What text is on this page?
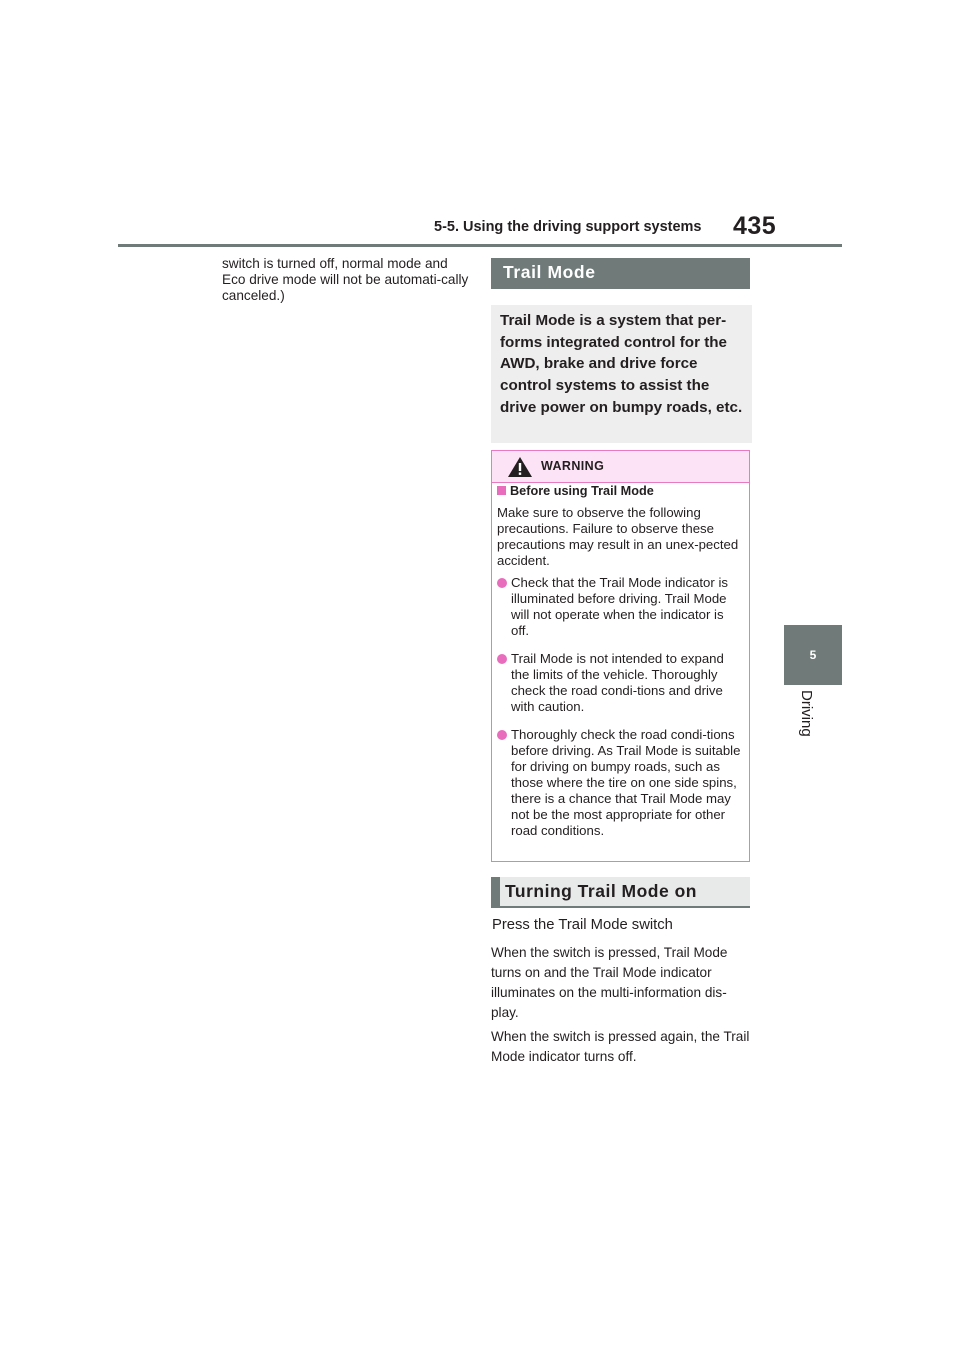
5-5. Using the driving support systems 435
5
Driving
switch is turned off, normal mode and Eco drive mode will not be automati-cally canceled.)
Trail Mode

Trail Mode is a system that per-forms integrated control for the AWD, brake and drive force control systems to assist the drive power on bumpy roads, etc.

WARNING
Before using Trail Mode
Make sure to observe the following precautions. Failure to observe these precautions may result in an unex-pected accident.
Check that the Trail Mode indicator is illuminated before driving. Trail Mode will not operate when the indicator is off.
Trail Mode is not intended to expand the limits of the vehicle. Thoroughly check the road condi-tions and drive with caution.
Thoroughly check the road condi-tions before driving. As Trail Mode is suitable for driving on bumpy roads, such as those where the tire on one side spins, there is a chance that Trail Mode may not be the most appropriate for other road conditions.
Turning Trail Mode on
Press the Trail Mode switch
When the switch is pressed, Trail Mode turns on and the Trail Mode indicator illuminates on the multi-information dis-play.
When the switch is pressed again, the Trail Mode indicator turns off.
